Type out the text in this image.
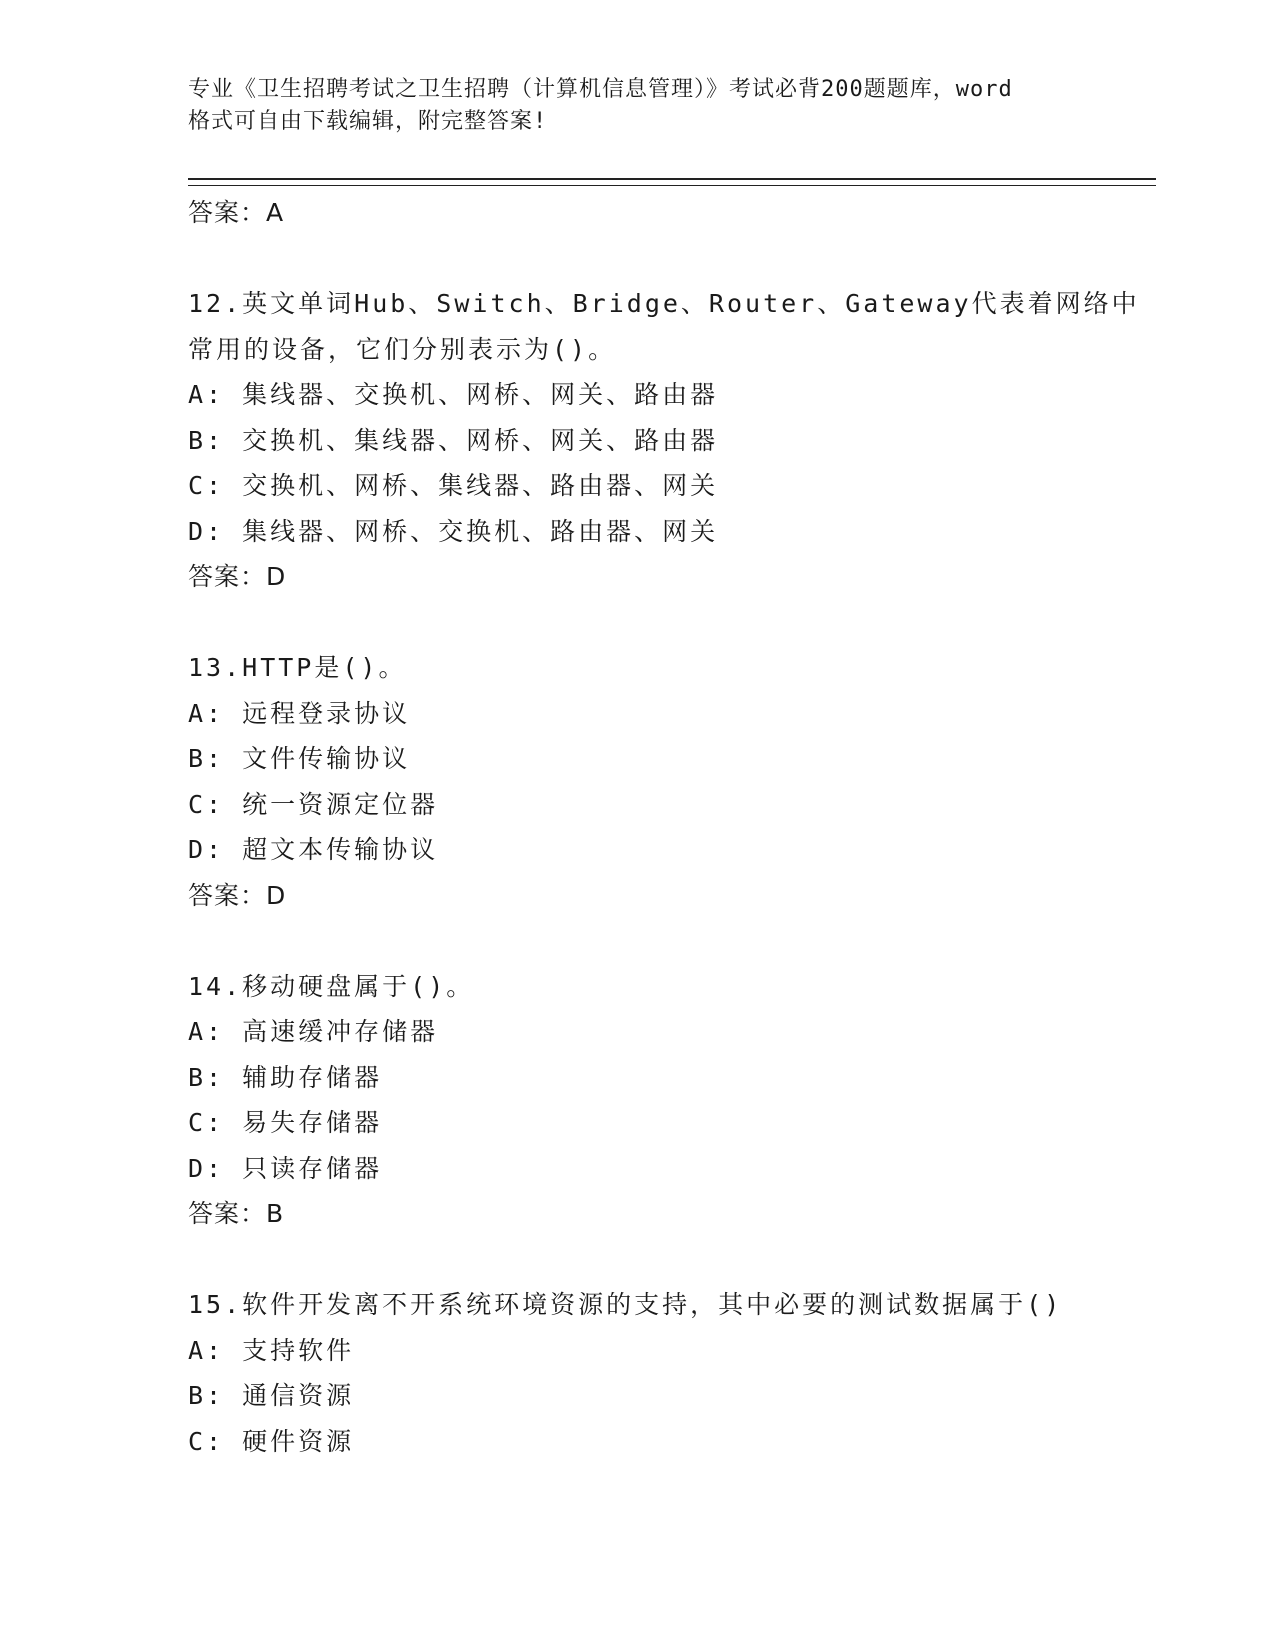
专业《卫生招聘考试之卫生招聘（计算机信息管理）》考试必背200题题库，word
格式可自由下载编辑，附完整答案!
答案：A
12.英文单词Hub、Switch、Bridge、Router、Gateway代表着网络中
常用的设备，它们分别表示为()。
A: 集线器、交换机、网桥、网关、路由器
B: 交换机、集线器、网桥、网关、路由器
C: 交换机、网桥、集线器、路由器、网关
D: 集线器、网桥、交换机、路由器、网关
答案：D
13.HTTP是()。
A: 远程登录协议
B: 文件传输协议
C: 统一资源定位器
D: 超文本传输协议
答案：D
14.移动硬盘属于()。
A: 高速缓冲存储器
B: 辅助存储器
C: 易失存储器
D: 只读存储器
答案：B
15.软件开发离不开系统环境资源的支持，其中必要的测试数据属于()
A: 支持软件
B: 通信资源
C: 硬件资源
